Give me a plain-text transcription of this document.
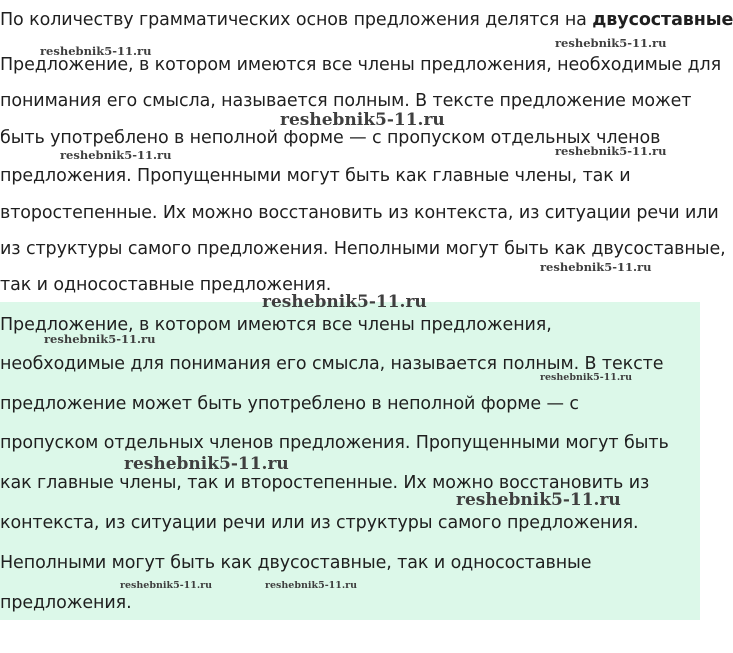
По количеству грамматических основ предложения делятся на двусоставные
Предложение, в котором имеются все члены предложения, необходимые для
понимания его смысла, называется полным. В тексте предложение может
быть употреблено в неполной форме — с пропуском отдельных членов
предложения. Пропущенными могут быть как главные члены, так и
второстепенные. Их можно восстановить из контекста, из ситуации речи или
из структуры самого предложения. Неполными могут быть как двусоставные,
так и односоставные предложения.
Предложение, в котором имеются все члены предложения,
необходимые для понимания его смысла, называется полным. В тексте
предложение может быть употреблено в неполной форме — с
пропуском отдельных членов предложения. Пропущенными могут быть
как главные члены, так и второстепенные. Их можно восстановить из
контекста, из ситуации речи или из структуры самого предложения.
Неполными могут быть как двусоставные, так и односоставные
предложения.
reshebnik5-11.ru
reshebnik5-11.ru
reshebnik5-11.ru
reshebnik5-11.ru	reshebnik5-11.ru
reshebnik5-11.ru
reshebnik5-11.ru
reshebnik5-11.ru
reshebnik5-11.ru
reshebnik5-11.ru
reshebnik5-11.ru
reshebnik5-11.ru	reshebnik5-11.ru
